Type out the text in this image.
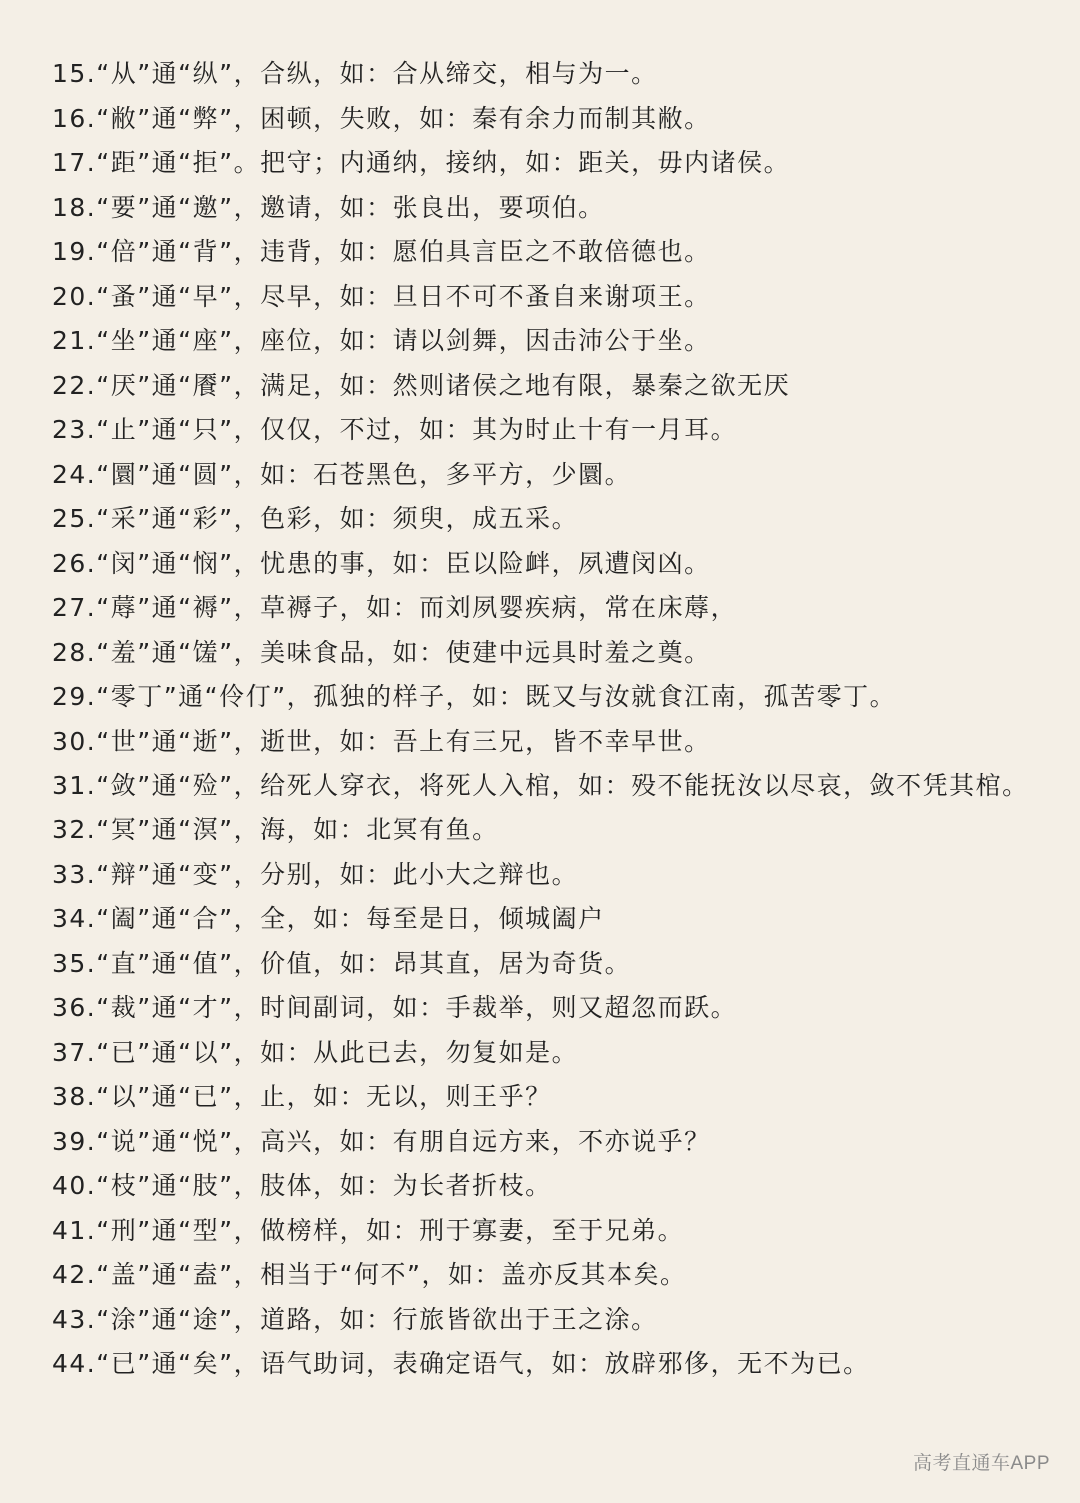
15.“从”通“纵”，合纵，如：合从缔交，相与为一。
16.“敝”通“弊”，困顿，失败，如：秦有余力而制其敝。
17.“距”通“拒”。把守；内通纳，接纳，如：距关，毋内诸侯。
18.“要”通“邀”，邀请，如：张良出，要项伯。
19.“倍”通“背”，违背，如：愿伯具言臣之不敢倍德也。
20.“蚤”通“早”，尽早，如：旦日不可不蚤自来谢项王。
21.“坐”通“座”，座位，如：请以剑舞，因击沛公于坐。
22.“厌”通“餍”，满足，如：然则诸侯之地有限，暴秦之欲无厌
23.“止”通“只”，仅仅，不过，如：其为时止十有一月耳。
24.“圜”通“圆”，如：石苍黑色，多平方，少圜。
25.“采”通“彩”，色彩，如：须臾，成五采。
26.“闵”通“悯”，忧患的事，如：臣以险衅，夙遭闵凶。
27.“蓐”通“褥”，草褥子，如：而刘夙婴疾病，常在床蓐，
28.“羞”通“馐”，美味食品，如：使建中远具时羞之奠。
29.“零丁”通“伶仃”，孤独的样子，如：既又与汝就食江南，孤苦零丁。
30.“世”通“逝”，逝世，如：吾上有三兄，皆不幸早世。
31.“敛”通“殓”，给死人穿衣，将死人入棺，如：殁不能抚汝以尽哀，敛不凭其棺。
32.“冥”通“溟”，海，如：北冥有鱼。
33.“辩”通“变”，分别，如：此小大之辩也。
34.“阖”通“合”，全，如：每至是日，倾城阖户
35.“直”通“值”，价值，如：昂其直，居为奇货。
36.“裁”通“才”，时间副词，如：手裁举，则又超忽而跃。
37.“已”通“以”，如：从此已去，勿复如是。
38.“以”通“已”，止，如：无以，则王乎？
39.“说”通“悦”，高兴，如：有朋自远方来，不亦说乎？
40.“枝”通“肢”，肢体，如：为长者折枝。
41.“刑”通“型”，做榜样，如：刑于寡妻，至于兄弟。
42.“盖”通“盍”，相当于“何不”，如：盖亦反其本矣。
43.“涂”通“途”，道路，如：行旅皆欲出于王之涂。
44.“已”通“矣”，语气助词，表确定语气，如：放辟邪侈，无不为已。
高考直通车APP
